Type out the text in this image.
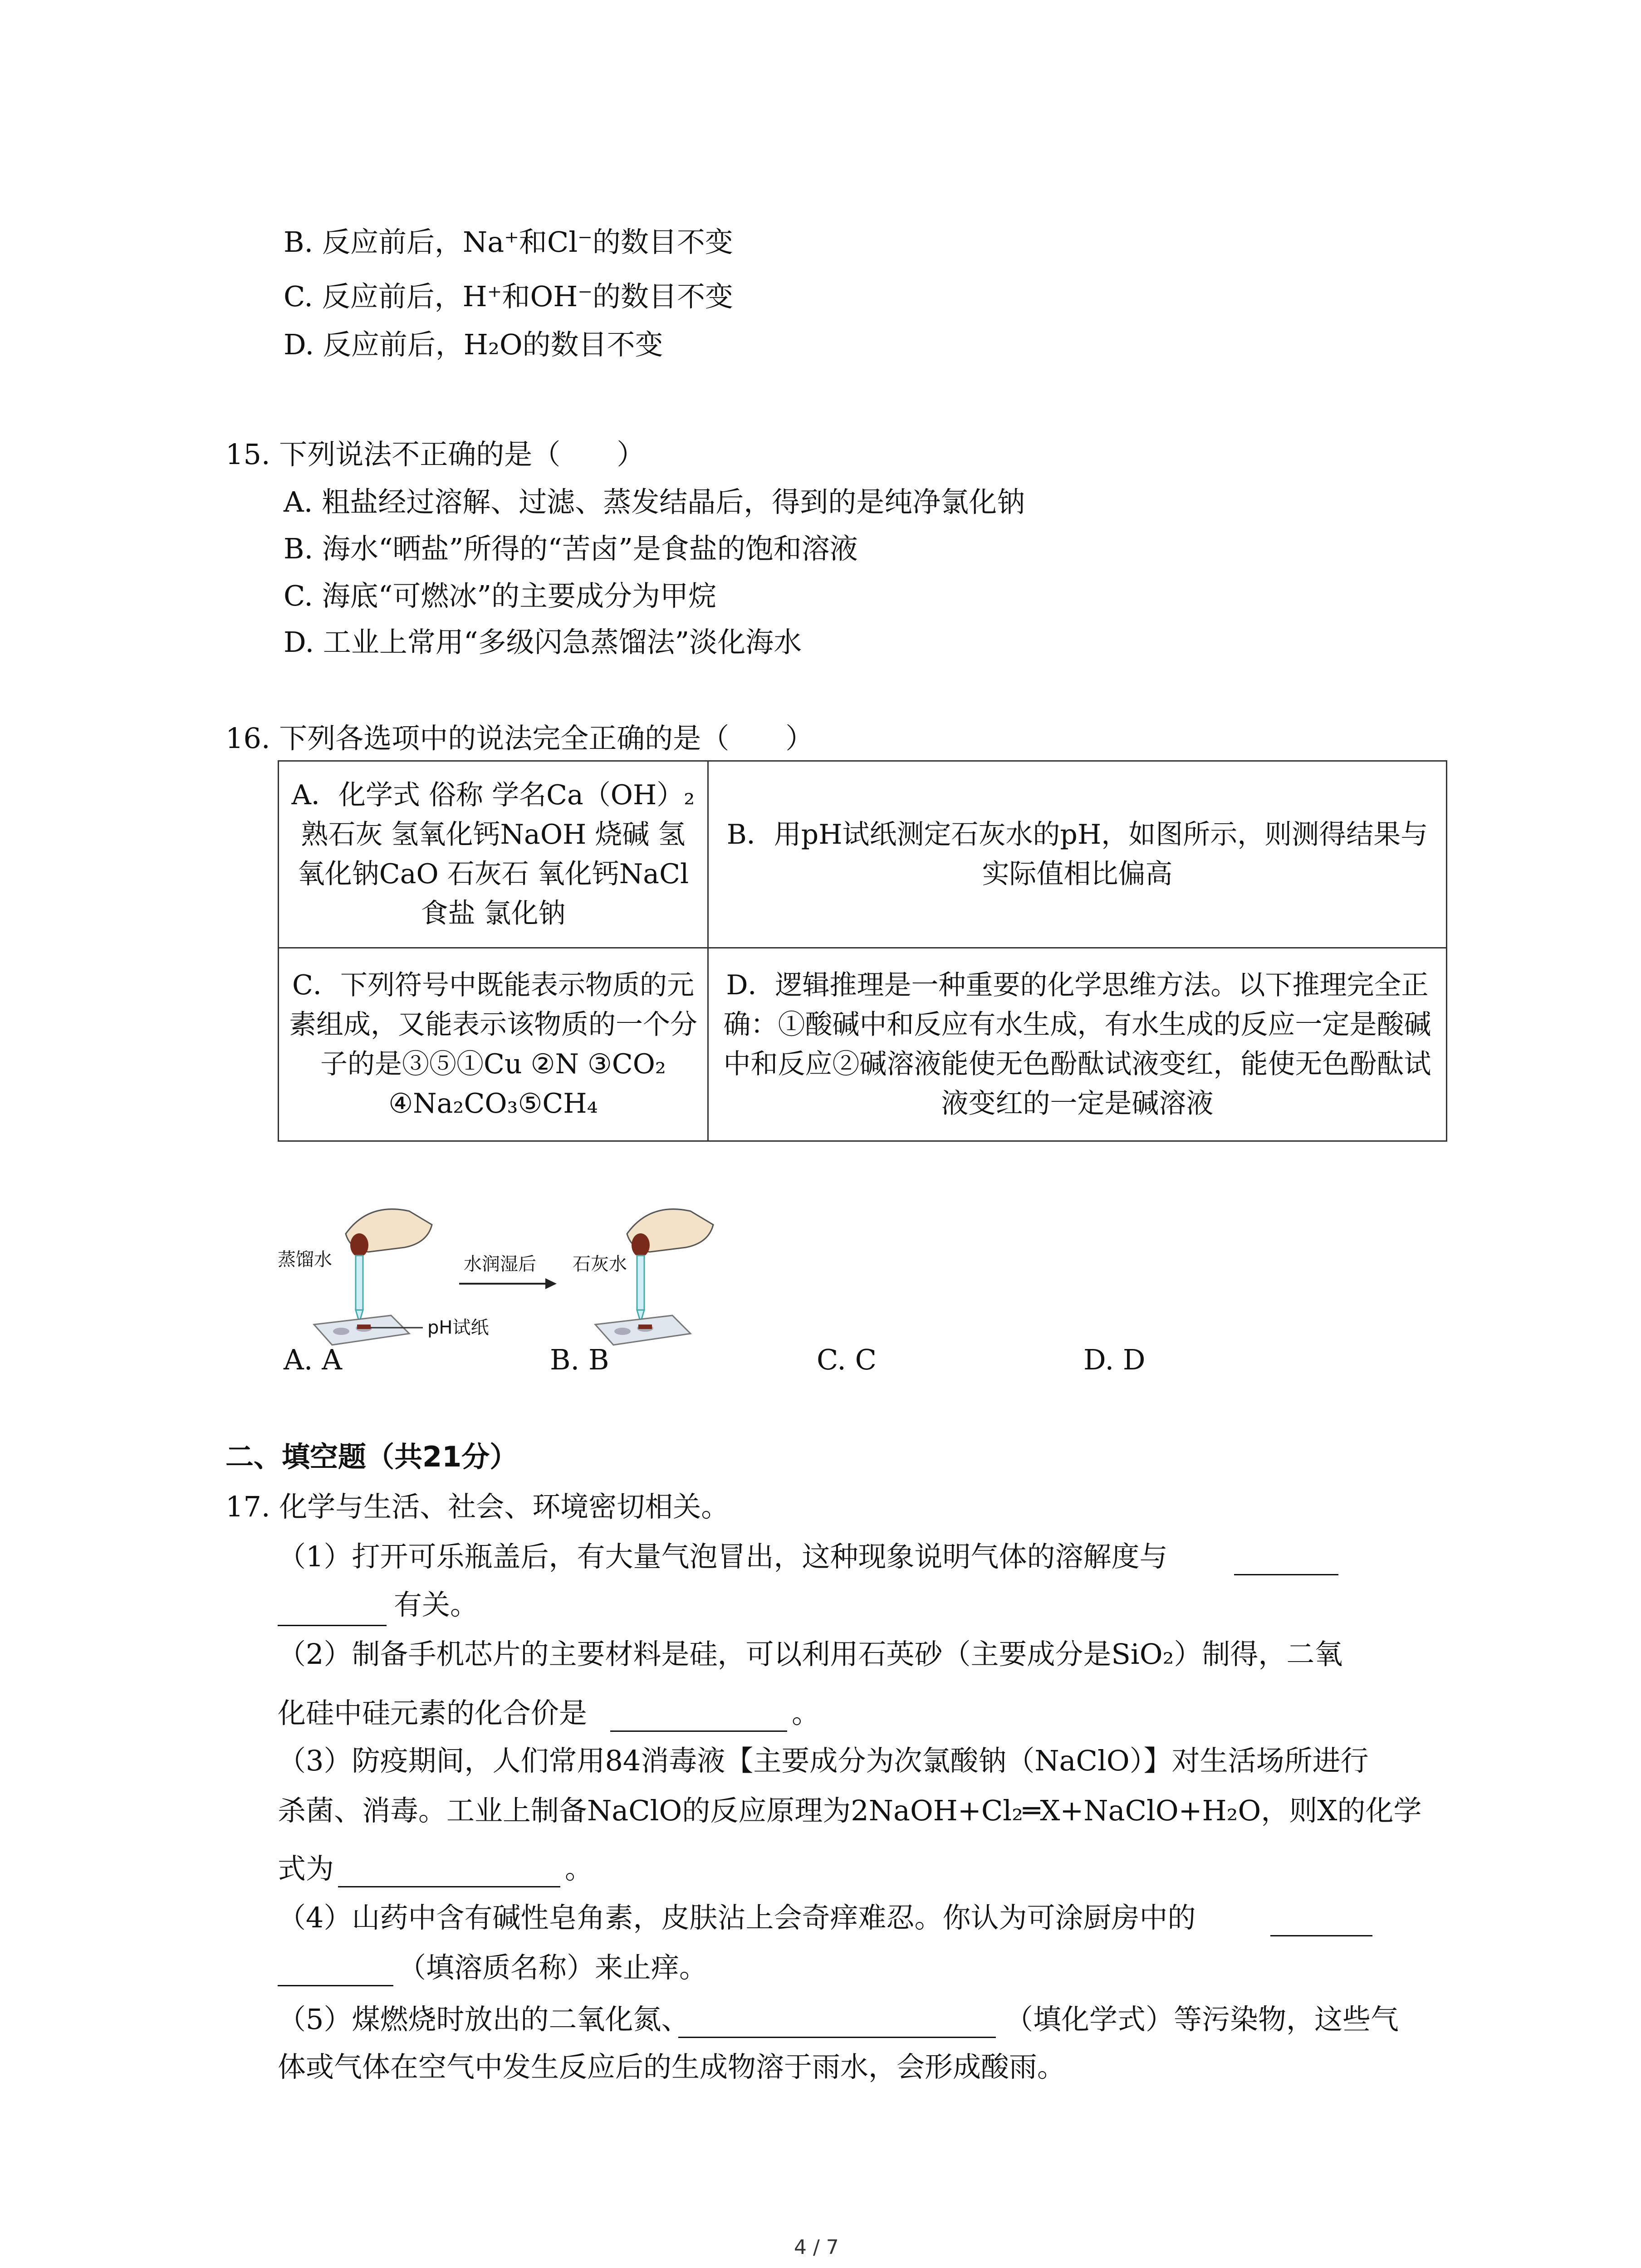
B. 反应前后，Na⁺和Cl⁻的数目不变
C. 反应前后，H⁺和OH⁻的数目不变
D. 反应前后，H₂O的数目不变
15. 下列说法不正确的是（　　）
A. 粗盐经过溶解、过滤、蒸发结晶后，得到的是纯净氯化钠
B. 海水“晒盐”所得的“苦卤”是食盐的饱和溶液
C. 海底“可燃冰”的主要成分为甲烷
D. 工业上常用“多级闪急蒸馏法”淡化海水
16. 下列各选项中的说法完全正确的是（　　）
A．化学式 俗称 学名Ca（OH）₂ 熟石灰 氢氧化钙NaOH 烧碱 氢氧化钠CaO 石灰石 氧化钙NaCl 食盐 氯化钠	B．用pH试纸测定石灰水的pH，如图所示，则测得结果与实际值相比偏高
C．下列符号中既能表示物质的元素组成，又能表示该物质的一个分子的是③⑤①Cu ②N ③CO₂ ④Na₂CO₃⑤CH₄	D．逻辑推理是一种重要的化学思维方法。以下推理完全正确：①酸碱中和反应有水生成，有水生成的反应一定是酸碱中和反应②碱溶液能使无色酚酞试液变红，能使无色酚酞试液变红的一定是碱溶液
蒸馏水	水润湿后 石灰水
pH试纸
A. A	B. B	C. C	D. D
二、填空题（共21分）
17. 化学与生活、社会、环境密切相关。
（1）打开可乐瓶盖后，有大量气泡冒出，这种现象说明气体的溶解度与
有关。
（2）制备手机芯片的主要材料是硅，可以利用石英砂（主要成分是SiO₂）制得，二氧
化硅中硅元素的化合价是	。
（3）防疫期间，人们常用84消毒液【主要成分为次氯酸钠（NaClO）】对生活场所进行
杀菌、消毒。工业上制备NaClO的反应原理为2NaOH+Cl₂═X+NaClO+H₂O，则X的化学
式为	。
（4）山药中含有碱性皂角素，皮肤沾上会奇痒难忍。你认为可涂厨房中的
（填溶质名称）来止痒。
（5）煤燃烧时放出的二氧化氮、	（填化学式）等污染物，这些气
体或气体在空气中发生反应后的生成物溶于雨水，会形成酸雨。
4 / 7
